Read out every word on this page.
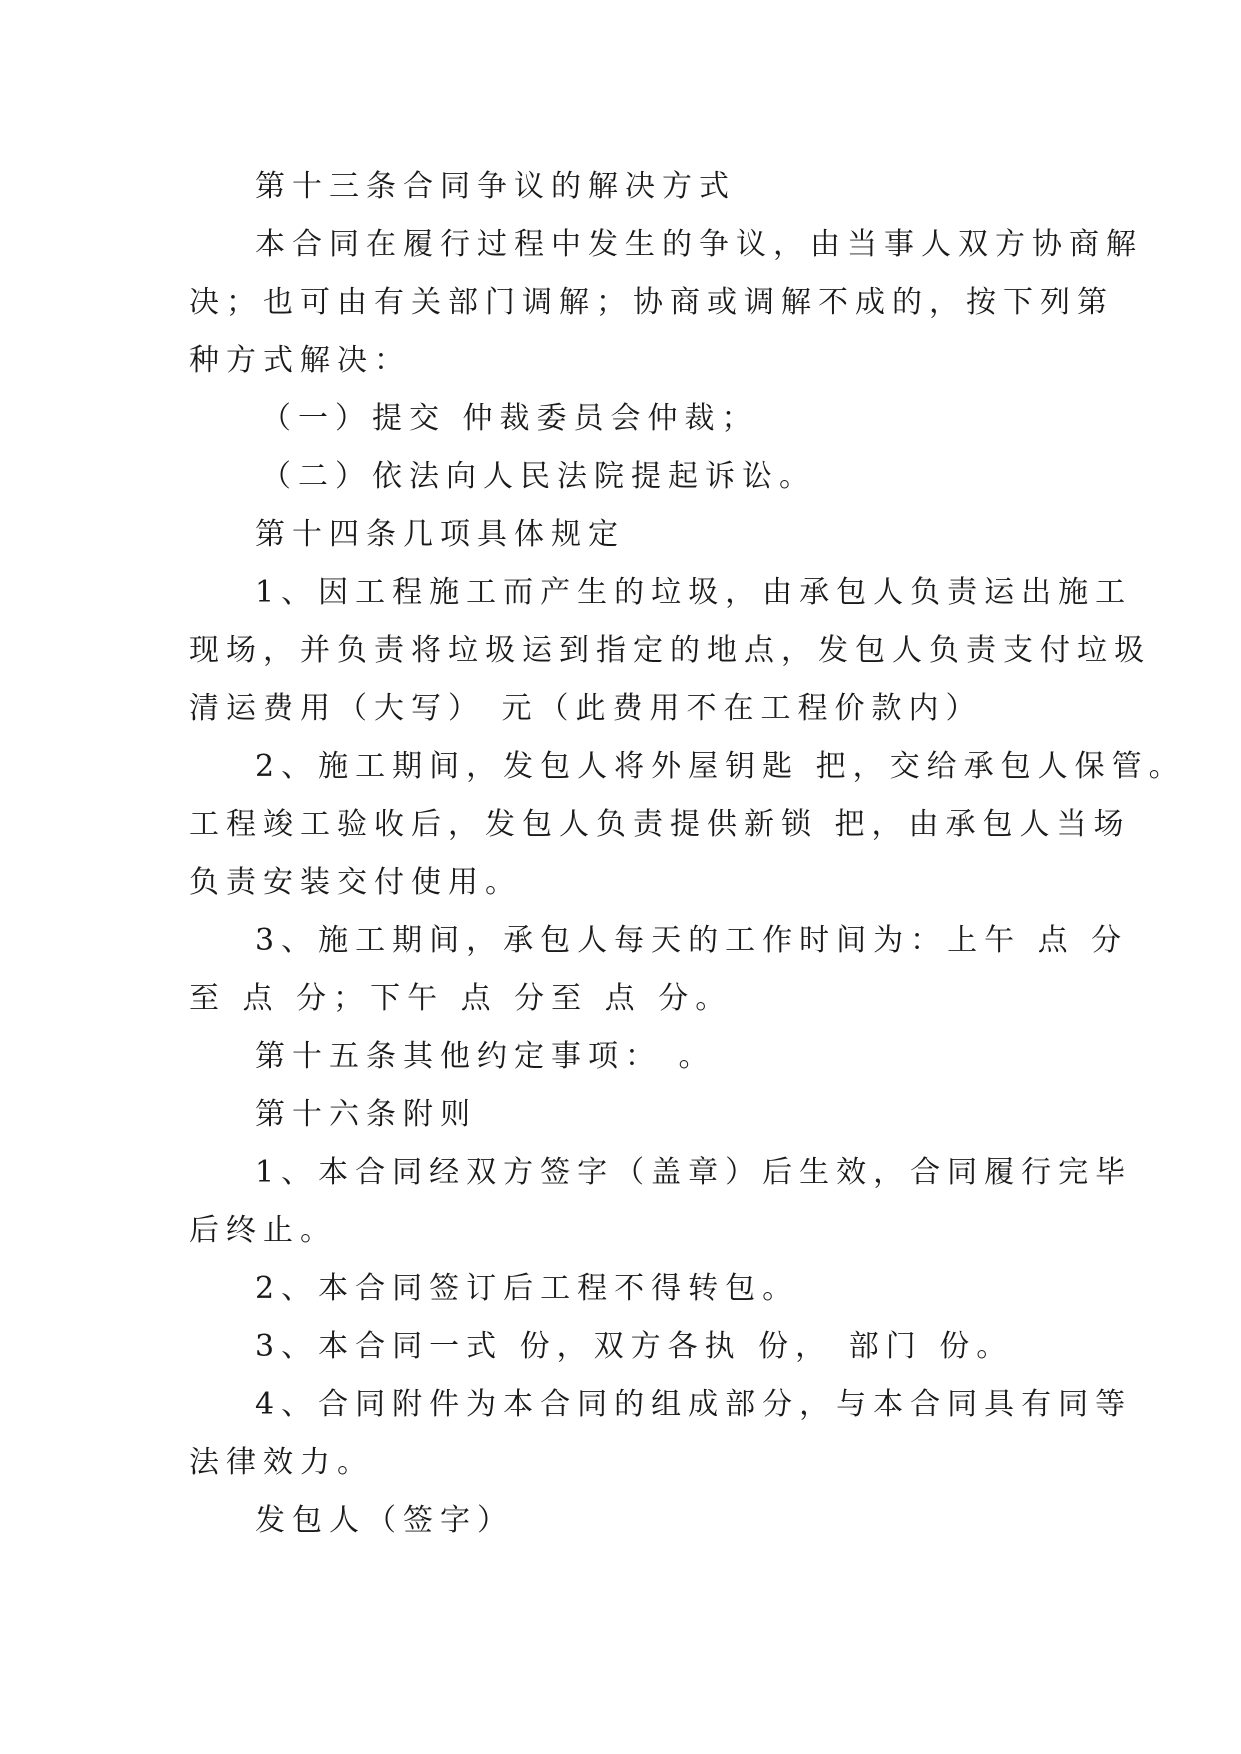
第十三条合同争议的解决方式
本合同在履行过程中发生的争议，由当事人双方协商解
决；也可由有关部门调解；协商或调解不成的，按下列第
种方式解决：
（一）提交 仲裁委员会仲裁；
（二）依法向人民法院提起诉讼。
第十四条几项具体规定
1、因工程施工而产生的垃圾，由承包人负责运出施工
现场，并负责将垃圾运到指定的地点，发包人负责支付垃圾
清运费用（大写） 元（此费用不在工程价款内）
2、施工期间，发包人将外屋钥匙 把，交给承包人保管。
工程竣工验收后，发包人负责提供新锁 把，由承包人当场
负责安装交付使用。
3、施工期间，承包人每天的工作时间为：上午 点 分
至 点 分；下午 点 分至 点 分。
第十五条其他约定事项： 。
第十六条附则
1、本合同经双方签字（盖章）后生效，合同履行完毕
后终止。
2、本合同签订后工程不得转包。
3、本合同一式 份，双方各执 份， 部门 份。
4、合同附件为本合同的组成部分，与本合同具有同等
法律效力。
发包人（签字）
